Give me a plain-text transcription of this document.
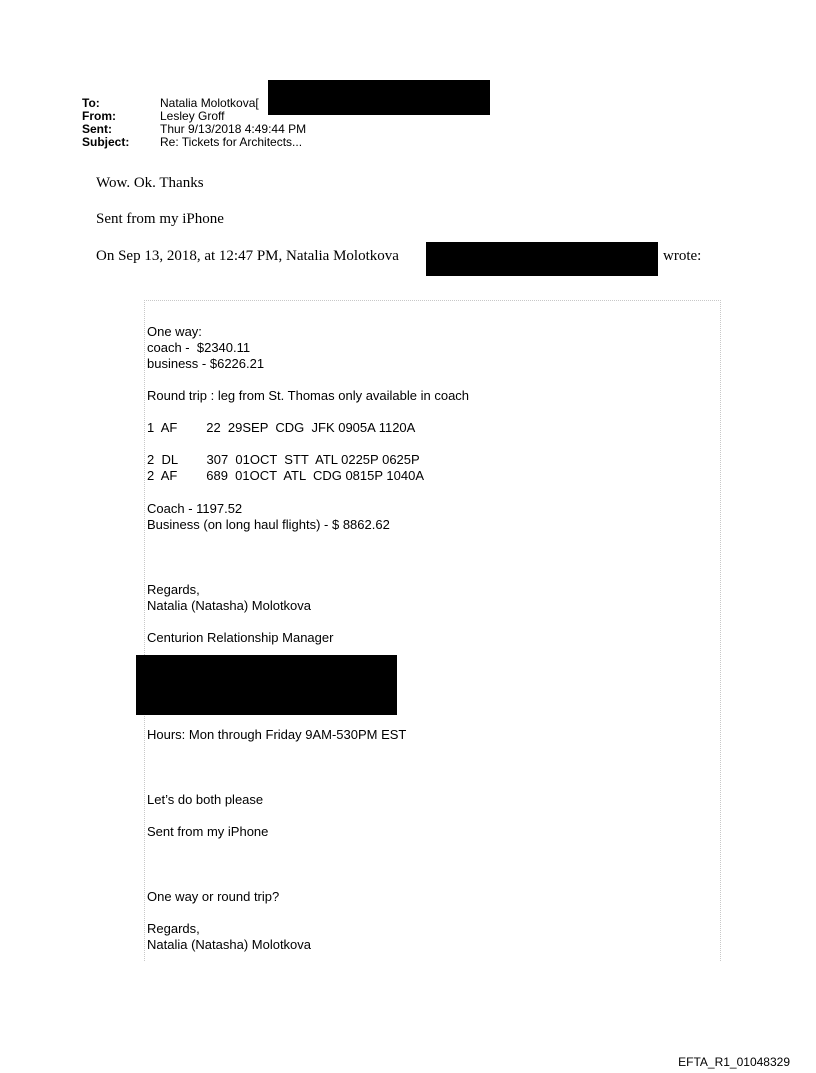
To:	Natalia Molotkova[
From:	Lesley Groff
Sent:	Thur 9/13/2018 4:49:44 PM
Subject:	Re: Tickets for Architects...
Wow. Ok. Thanks
Sent from my iPhone
On Sep 13, 2018, at 12:47 PM, Natalia Molotkova	wrote:
One way:
coach -  $2340.11
business - $6226.21
Round trip : leg from St. Thomas only available in coach
1  AF        22  29SEP  CDG  JFK 0905A 1120A
2  DL        307  01OCT  STT  ATL 0225P 0625P
2  AF        689  01OCT  ATL  CDG 0815P 1040A
Coach - 1197.52
Business (on long haul flights) - $ 8862.62
Regards,
Natalia (Natasha) Molotkova
Centurion Relationship Manager
Hours: Mon through Friday 9AM-530PM EST
Let’s do both please
Sent from my iPhone
One way or round trip?
Regards,
Natalia (Natasha) Molotkova
EFTA_R1_01048329
